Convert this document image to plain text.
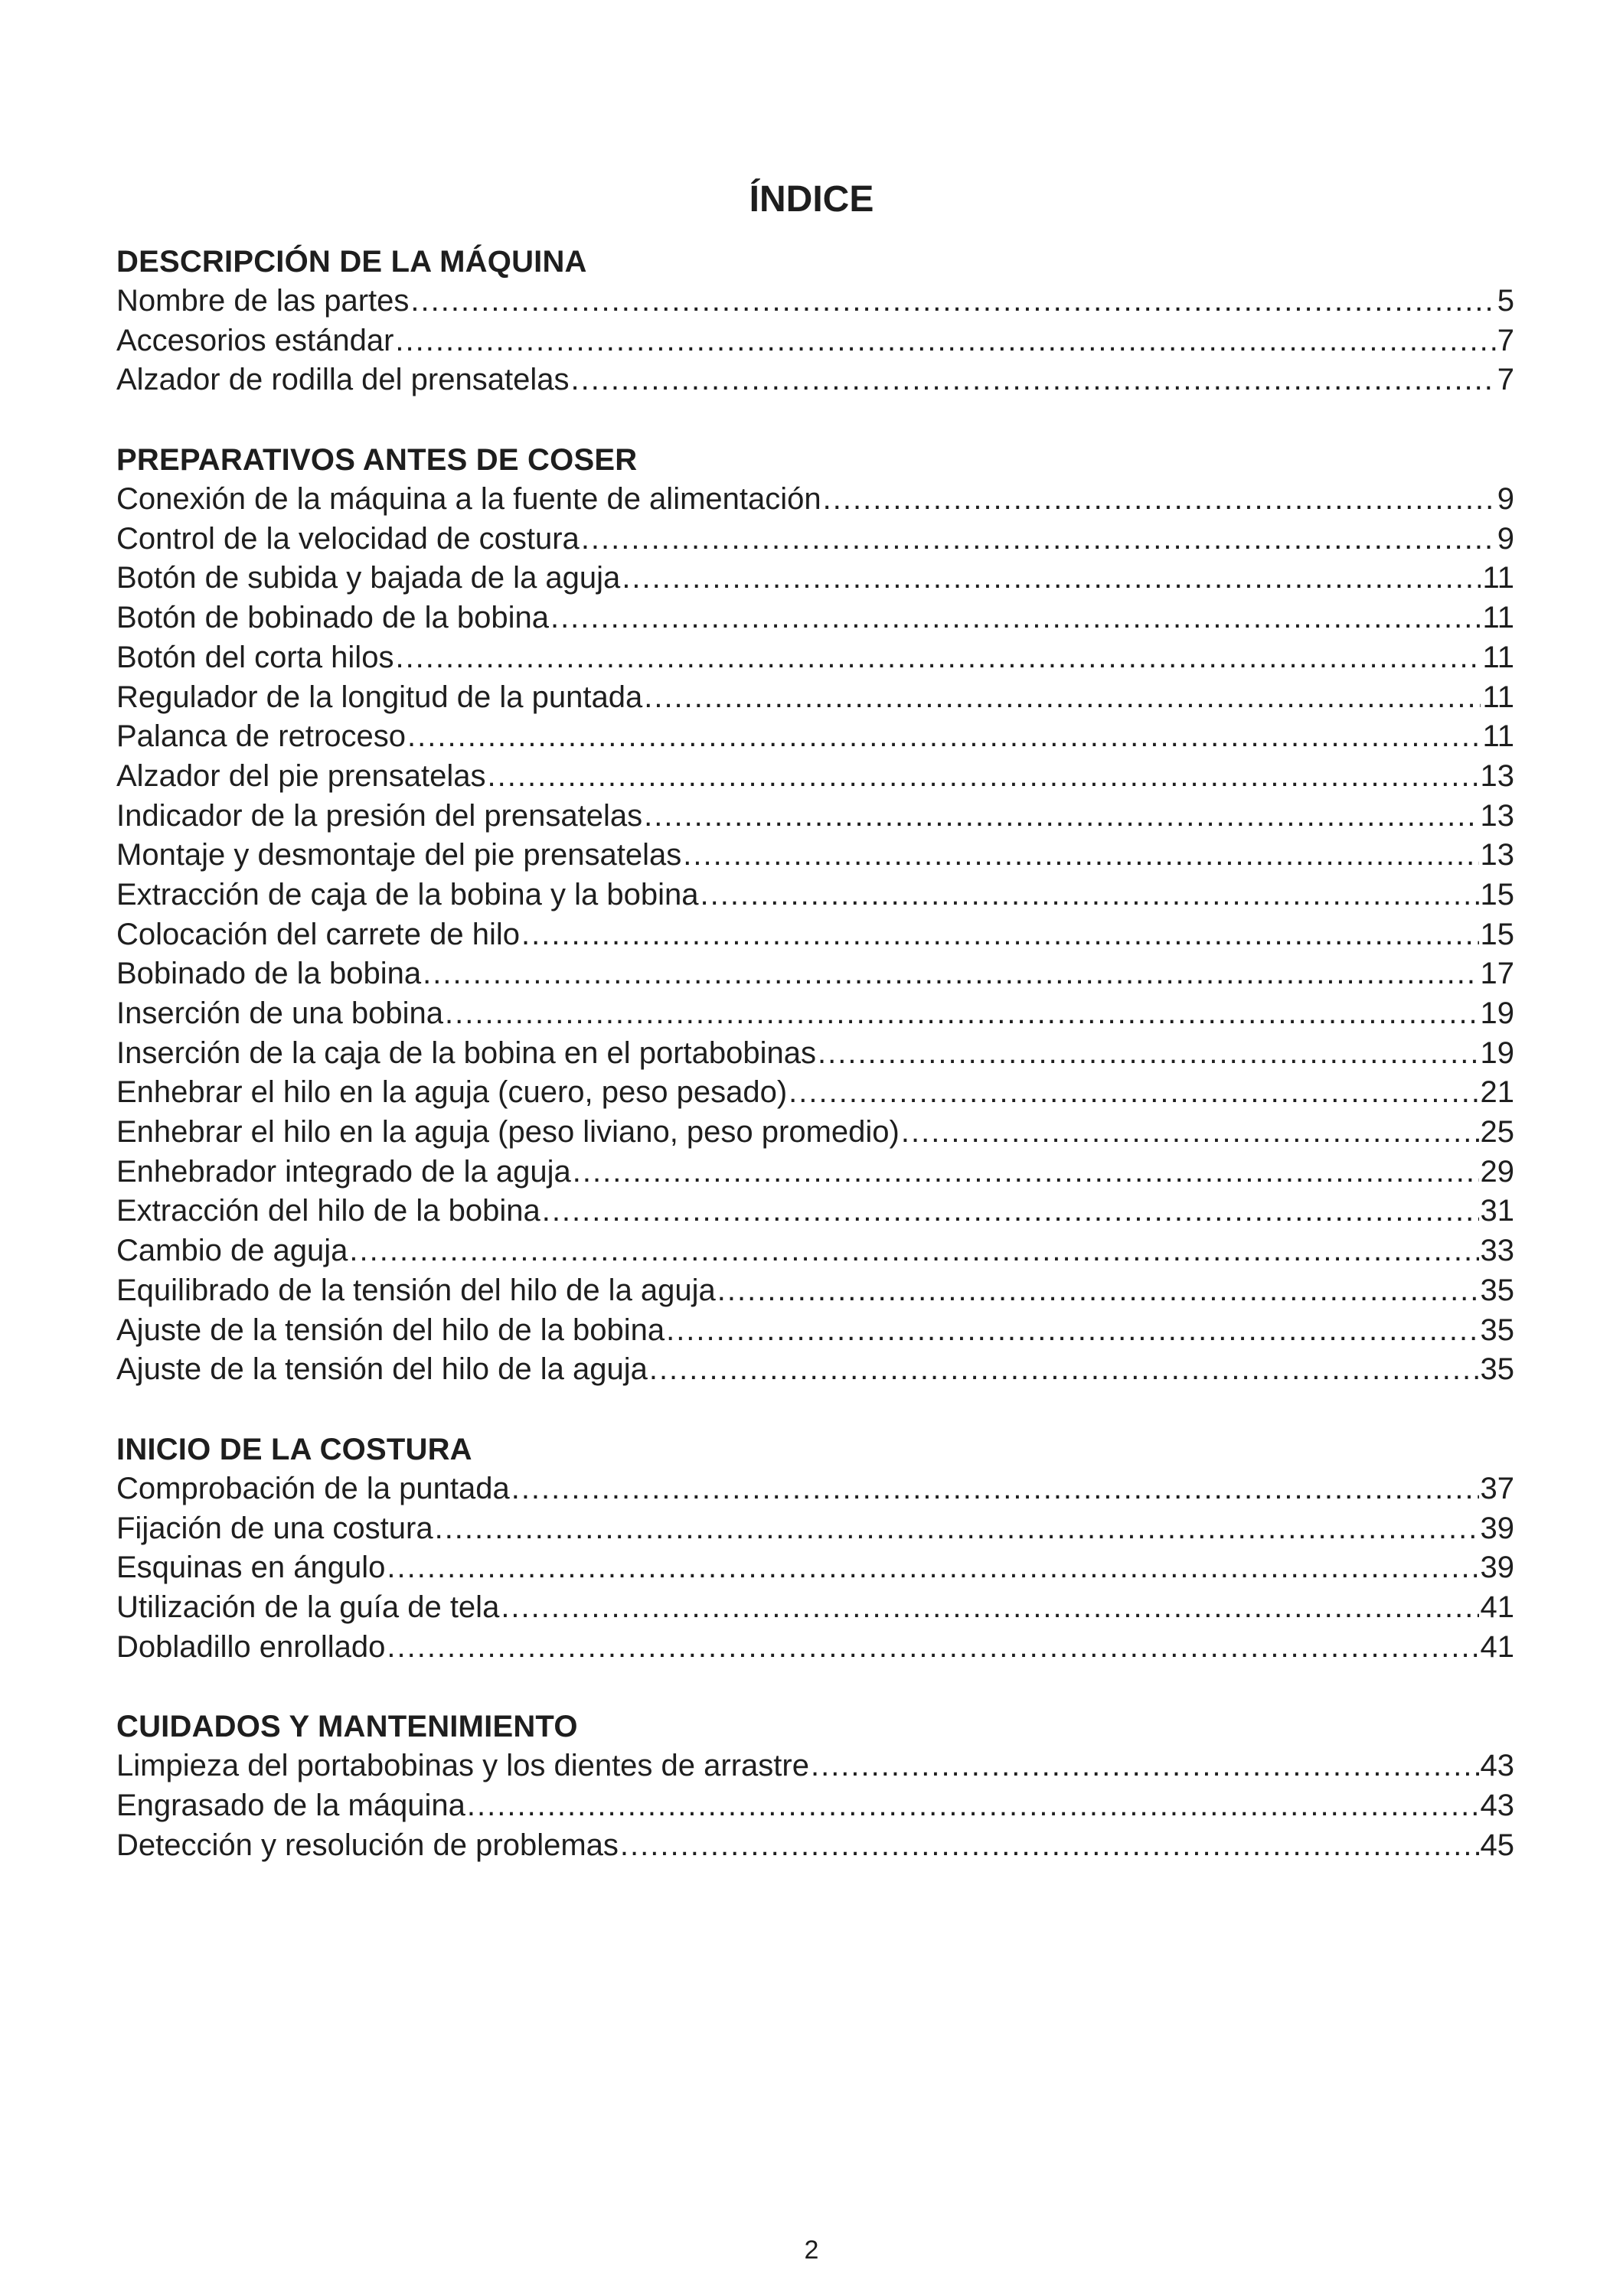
ÍNDICE
DESCRIPCIÓN DE LA MÁQUINA
Nombre de las partes .....	5
Accesorios estándar .....	7
Alzador de rodilla del prensatelas .....	7
PREPARATIVOS ANTES DE COSER
Conexión de la máquina a la fuente de alimentación .....	9
Control de la velocidad de costura .....	9
Botón de subida y bajada de la aguja .....	11
Botón de bobinado de la bobina .....	11
Botón del corta hilos .....	11
Regulador de la longitud de la puntada .....	11
Palanca de retroceso .....	11
Alzador del pie prensatelas .....	13
Indicador de la presión del prensatelas .....	13
Montaje y desmontaje del pie prensatelas .....	13
Extracción de caja de la bobina y la bobina .....	15
Colocación del carrete de hilo .....	15
Bobinado de la bobina .....	17
Inserción de una bobina .....	19
Inserción de la caja de la bobina en el portabobinas .....	19
Enhebrar el hilo en la aguja (cuero, peso pesado) .....	21
Enhebrar el hilo en la aguja (peso liviano, peso promedio) .....	25
Enhebrador integrado de la aguja .....	29
Extracción del hilo de la bobina .....	31
Cambio de aguja .....	33
Equilibrado de la tensión del hilo de la aguja .....	35
Ajuste de la tensión del hilo de la bobina .....	35
Ajuste de la tensión del hilo de la aguja .....	35
INICIO DE LA COSTURA
Comprobación de la puntada .....	37
Fijación de una costura .....	39
Esquinas en ángulo .....	39
Utilización de la guía de tela .....	41
Dobladillo enrollado .....	41
CUIDADOS Y MANTENIMIENTO
Limpieza del portabobinas y los dientes de arrastre .....	43
Engrasado de la máquina .....	43
Detección y resolución de problemas .....	45
2
